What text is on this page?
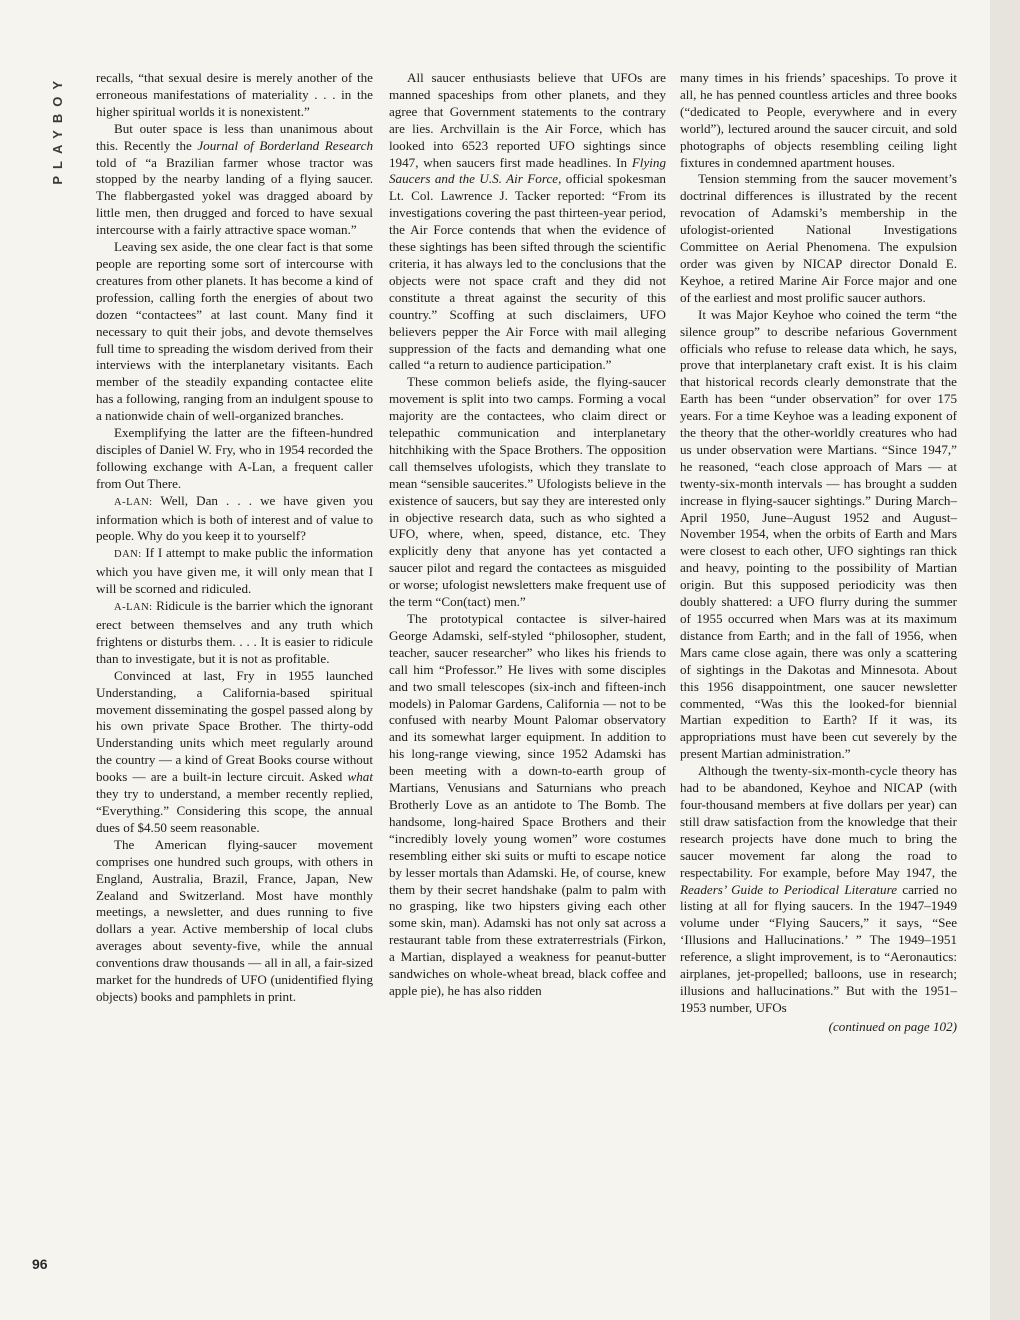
PLAYBOY recalls, “that sexual desire is merely another of the erroneous manifestations of materiality . . . in the higher spiritual worlds it is nonexistent.”

But outer space is less than unanimous about this. Recently the Journal of Borderland Research told of “a Brazilian farmer whose tractor was stopped by the nearby landing of a flying saucer. The flabbergasted yokel was dragged aboard by little men, then drugged and forced to have sexual intercourse with a fairly attractive space woman.”

Leaving sex aside, the one clear fact is that some people are reporting some sort of intercourse with creatures from other planets. It has become a kind of profession, calling forth the energies of about two dozen “contactees” at last count. Many find it necessary to quit their jobs, and devote themselves full time to spreading the wisdom derived from their interviews with the interplanetary visitants. Each member of the steadily expanding contactee elite has a following, ranging from an indulgent spouse to a nationwide chain of well-organized branches.

Exemplifying the latter are the fifteen-hundred disciples of Daniel W. Fry, who in 1954 recorded the following exchange with A-Lan, a frequent caller from Out There.

A-LAN: Well, Dan . . . we have given you information which is both of interest and of value to people. Why do you keep it to yourself?

DAN: If I attempt to make public the information which you have given me, it will only mean that I will be scorned and ridiculed.

A-LAN: Ridicule is the barrier which the ignorant erect between themselves and any truth which frightens or disturbs them. . . . It is easier to ridicule than to investigate, but it is not as profitable.

Convinced at last, Fry in 1955 launched Understanding, a California-based spiritual movement disseminating the gospel passed along by his own private Space Brother. The thirty-odd Understanding units which meet regularly around the country — a kind of Great Books course without books — are a built-in lecture circuit. Asked what they try to understand, a member recently replied, “Everything.” Considering this scope, the annual dues of $4.50 seem reasonable.

The American flying-saucer movement comprises one hundred such groups, with others in England, Australia, Brazil, France, Japan, New Zealand and Switzerland. Most have monthly meetings, a newsletter, and dues running to five dollars a year. Active membership of local clubs averages about seventy-five, while the annual conventions draw thousands — all in all, a fair-sized market for the hundreds of UFO (unidentified flying objects) books and pamphlets in print.

All saucer enthusiasts believe that UFOs are manned spaceships from other planets, and they agree that Government statements to the contrary are lies. Archvillain is the Air Force, which has looked into 6523 reported UFO sightings since 1947, when saucers first made headlines. In Flying Saucers and the U.S. Air Force, official spokesman Lt. Col. Lawrence J. Tacker reported: “From its investigations covering the past thirteen-year period, the Air Force contends that when the evidence of these sightings has been sifted through the scientific criteria, it has always led to the conclusions that the objects were not space craft and they did not constitute a threat against the security of this country.” Scoffing at such disclaimers, UFO believers pepper the Air Force with mail alleging suppression of the facts and demanding what one called “a return to audience participation.”

These common beliefs aside, the flying-saucer movement is split into two camps. Forming a vocal majority are the contactees, who claim direct or telepathic communication and interplanetary hitchhiking with the Space Brothers. The opposition call themselves ufologists, which they translate to mean “sensible saucerites.” Ufologists believe in the existence of saucers, but say they are interested only in objective research data, such as who sighted a UFO, where, when, speed, distance, etc. They explicitly deny that anyone has yet contacted a saucer pilot and regard the contactees as misguided or worse; ufologist newsletters make frequent use of the term “Con(tact) men.”

The prototypical contactee is silver-haired George Adamski, self-styled “philosopher, student, teacher, saucer researcher” who likes his friends to call him “Professor.” He lives with some disciples and two small telescopes (six-inch and fifteen-inch models) in Palomar Gardens, California — not to be confused with nearby Mount Palomar observatory and its somewhat larger equipment. In addition to his long-range viewing, since 1952 Adamski has been meeting with a down-to-earth group of Martians, Venusians and Saturnians who preach Brotherly Love as an antidote to The Bomb. The handsome, long-haired Space Brothers and their “incredibly lovely young women” wore costumes resembling either ski suits or mufti to escape notice by lesser mortals than Adamski. He, of course, knew them by their secret handshake (palm to palm with no grasping, like two hipsters giving each other some skin, man). Adamski has not only sat across a restaurant table from these extraterrestrials (Firkon, a Martian, displayed a weakness for peanut-butter sandwiches on whole-wheat bread, black coffee and apple pie), he has also ridden

many times in his friends’ spaceships. To prove it all, he has penned countless articles and three books (“dedicated to People, everywhere and in every world”), lectured around the saucer circuit, and sold photographs of objects resembling ceiling light fixtures in condemned apartment houses.

Tension stemming from the saucer movement’s doctrinal differences is illustrated by the recent revocation of Adamski’s membership in the ufologist-oriented National Investigations Committee on Aerial Phenomena. The expulsion order was given by NICAP director Donald E. Keyhoe, a retired Marine Air Force major and one of the earliest and most prolific saucer authors.

It was Major Keyhoe who coined the term “the silence group” to describe nefarious Government officials who refuse to release data which, he says, prove that interplanetary craft exist. It is his claim that historical records clearly demonstrate that the Earth has been “under observation” for over 175 years. For a time Keyhoe was a leading exponent of the theory that the other-worldly creatures who had us under observation were Martians. “Since 1947,” he reasoned, “each close approach of Mars — at twenty-six-month intervals — has brought a sudden increase in flying-saucer sightings.” During March–April 1950, June–August 1952 and August–November 1954, when the orbits of Earth and Mars were closest to each other, UFO sightings ran thick and heavy, pointing to the possibility of Martian origin. But this supposed periodicity was then doubly shattered: a UFO flurry during the summer of 1955 occurred when Mars was at its maximum distance from Earth; and in the fall of 1956, when Mars came close again, there was only a scattering of sightings in the Dakotas and Minnesota. About this 1956 disappointment, one saucer newsletter commented, “Was this the looked-for biennial Martian expedition to Earth? If it was, its appropriations must have been cut severely by the present Martian administration.”

Although the twenty-six-month-cycle theory has had to be abandoned, Keyhoe and NICAP (with four-thousand members at five dollars per year) can still draw satisfaction from the knowledge that their research projects have done much to bring the saucer movement far along the road to respectability. For example, before May 1947, the Readers’ Guide to Periodical Literature carried no listing at all for flying saucers. In the 1947–1949 volume under “Flying Saucers,” it says, “See ‘Illusions and Hallucinations.’ ” The 1949–1951 reference, a slight improvement, is to “Aeronautics: airplanes, jet-propelled; balloons, use in research; illusions and hallucinations.” But with the 1951–1953 number, UFOs

(continued on page 102)

96
